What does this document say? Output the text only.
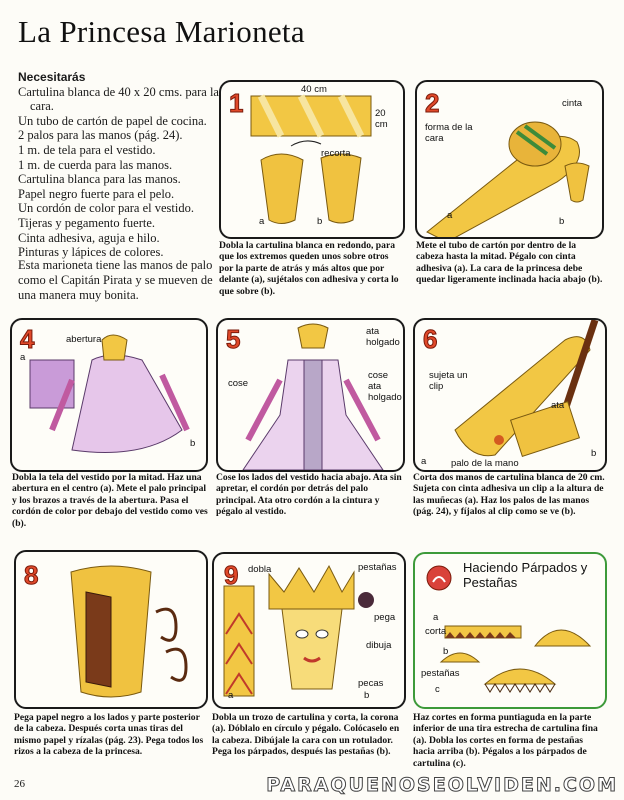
La Princesa Marioneta
Necesitarás
Cartulina blanca de 40 x 20 cms. para la cara.
Un tubo de cartón de papel de cocina.
2 palos para las manos (pág. 24).
1 m. de tela para el vestido.
1 m. de cuerda para las manos.
Cartulina blanca para las manos.
Papel negro fuerte para el pelo.
Un cordón de color para el vestido.
Tijeras y pegamento fuerte.
Cinta adhesiva, aguja e hilo.
Pinturas y lápices de colores.
Esta marioneta tiene las manos de palo como el Capitán Pirata y se mueven de una manera muy bonita.
1	40 cm
20 cm
recorta
a	b
Dobla la cartulina blanca en redondo, para que los extremos queden unos sobre otros por la parte de atrás y más altos que por delante (a), sujétalos con adhesiva y corta lo que sobre (b).
2	cinta
forma de la cara
a
b
Mete el tubo de cartón por dentro de la cabeza hasta la mitad. Pégalo con cinta adhesiva (a). La cara de la princesa debe quedar ligeramente inclinada hacia abajo (b).
4	abertura
a
b
Dobla la tela del vestido por la mitad. Haz una abertura en el centro (a). Mete el palo principal y los brazos a través de la abertura. Pasa el cordón de color por debajo del vestido como ves (b).
5	ata holgado
cose
cose ata holgado
Cose los lados del vestido hacia abajo. Ata sin apretar, el cordón por detrás del palo principal. Ata otro cordón a la cintura y pégalo al vestido.
6
sujeta un clip
ata
palo de la mano
a
b
Corta dos manos de cartulina blanca de 20 cm. Sujeta con cinta adhesiva un clip a la altura de las muñecas (a). Haz los palos de las manos (pág. 24), y fíjalos al clip como se ve (b).
8
Pega papel negro a los lados y parte posterior de la cabeza. Después corta unas tiras del mismo papel y rízalas (pág. 23). Pega todos los rizos a la cabeza de la princesa.
9 dobla	pestañas
pega
dibuja
pecas
a	b
Dobla un trozo de cartulina y corta, la corona (a). Dóblalo en círculo y pégalo. Colócaselo en la cabeza. Dibújale la cara con un rotulador. Pega los párpados, después las pestañas (b).
Haciendo Párpados y Pestañas
a
corta
b
pestañas
c
Haz cortes en forma puntiaguda en la parte inferior de una tira estrecha de cartulina fina (a). Dobla los cortes en forma de pestañas hacia arriba (b). Pégalos a los párpados de cartulina (c).
26	PARAQUENOSEOLVIDEN.COM
